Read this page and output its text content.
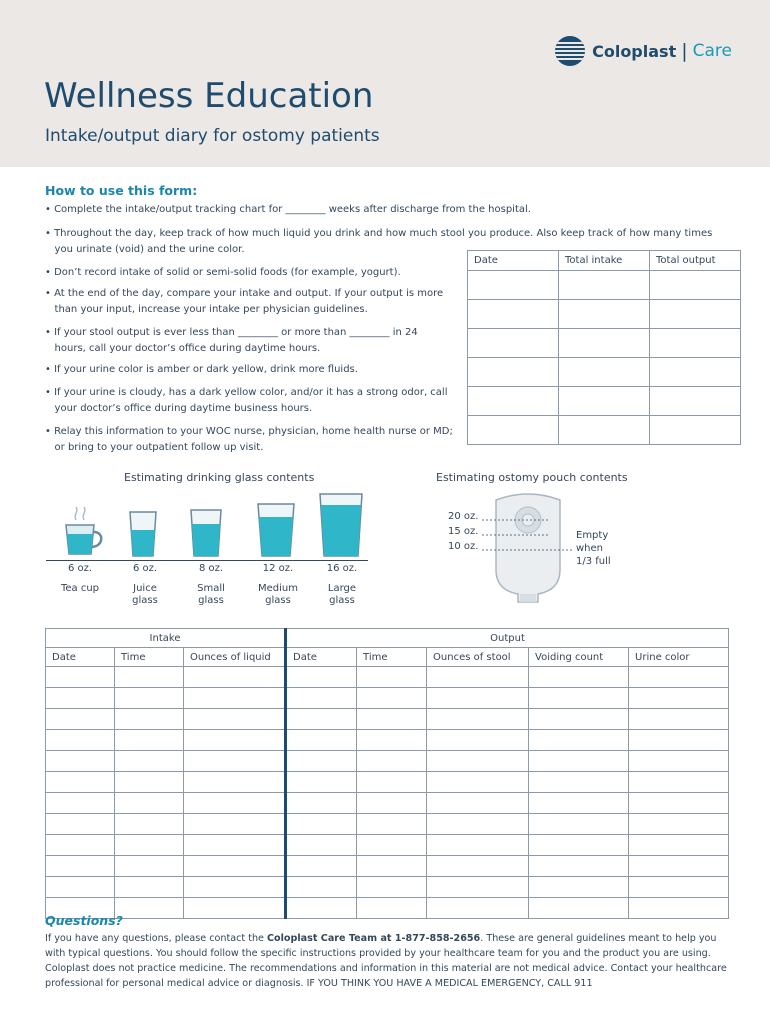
Coloplast | Care
Wellness Education
Intake/output diary for ostomy patients
How to use this form:
• Complete the intake/output tracking chart for ________ weeks after discharge from the hospital.
• Throughout the day, keep track of how much liquid you drink and how much stool you produce. Also keep track of how many times
you urinate (void) and the urine color.
• Don’t record intake of solid or semi-solid foods (for example, yogurt).
• At the end of the day, compare your intake and output. If your output is more
than your input, increase your intake per physician guidelines.
• If your stool output is ever less than ________ or more than ________ in 24
hours, call your doctor’s office during daytime hours.
• If your urine color is amber or dark yellow, drink more fluids.
• If your urine is cloudy, has a dark yellow color, and/or it has a strong odor, call
your doctor’s office during daytime business hours.
• Relay this information to your WOC nurse, physician, home health nurse or MD;
or bring to your outpatient follow up visit.
Date	Total intake	Total output

Estimating drinking glass contents
6 oz.
Tea cup
6 oz.
Juice
glass
8 oz.
Small
glass
12 oz.
Medium
glass
16 oz.
Large
glass
Estimating ostomy pouch contents
20 oz.
15 oz.
10 oz.
Empty
when
1/3 full
Intake			Output				
Date	Time	Ounces of liquid	Date	Time	Ounces of stool	Voiding count	Urine color

Questions?
If you have any questions, please contact the Coloplast Care Team at 1-877-858-2656. These are general guidelines meant to help you with typical questions. You should follow the specific instructions provided by your healthcare team for you and the product you are using. Coloplast does not practice medicine. The recommendations and information in this material are not medical advice. Contact your healthcare professional for personal medical advice or diagnosis. IF YOU THINK YOU HAVE A MEDICAL EMERGENCY, CALL 911
